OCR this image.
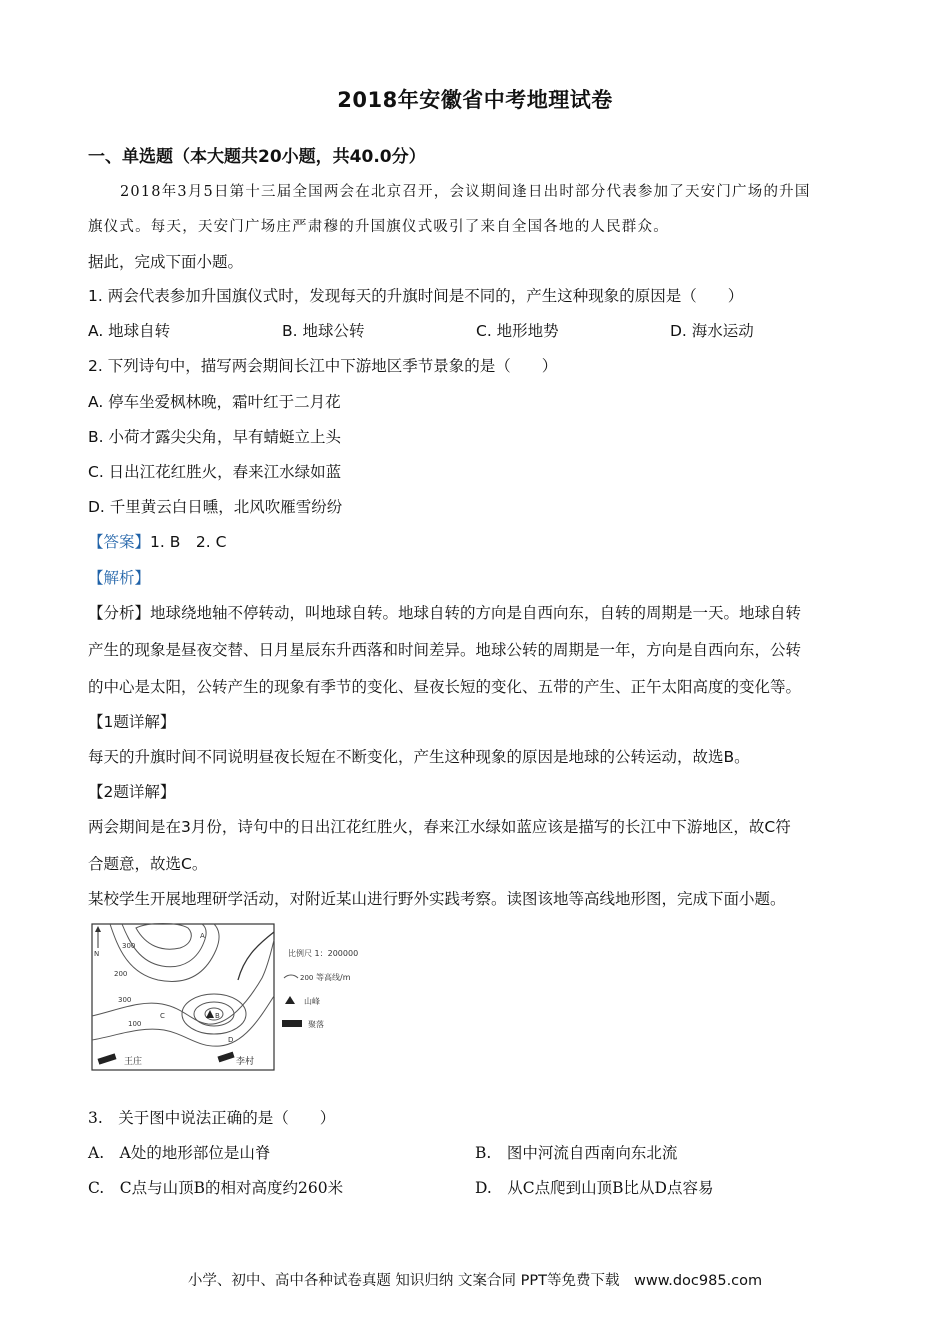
2018年安徽省中考地理试卷
一、单选题（本大题共20小题，共40.0分）
2018年3月5日第十三届全国两会在北京召开，会议期间逢日出时部分代表参加了天安门广场的升国
旗仪式。每天，天安门广场庄严肃穆的升国旗仪式吸引了来自全国各地的人民群众。
据此，完成下面小题。
1. 两会代表参加升国旗仪式时，发现每天的升旗时间是不同的，产生这种现象的原因是（　　）
A. 地球自转	B. 地球公转	C. 地形地势	D. 海水运动
2. 下列诗句中，描写两会期间长江中下游地区季节景象的是（　　）
A. 停车坐爱枫林晚，霜叶红于二月花
B. 小荷才露尖尖角，早有蜻蜓立上头
C. 日出江花红胜火，春来江水绿如蓝
D. 千里黄云白日曛，北风吹雁雪纷纷
【答案】1. B　2. C
【解析】
【分析】地球绕地轴不停转动，叫地球自转。地球自转的方向是自西向东，自转的周期是一天。地球自转
产生的现象是昼夜交替、日月星辰东升西落和时间差异。地球公转的周期是一年，方向是自西向东，公转
的中心是太阳，公转产生的现象有季节的变化、昼夜长短的变化、五带的产生、正午太阳高度的变化等。
【1题详解】
每天的升旗时间不同说明昼夜长短在不断变化，产生这种现象的原因是地球的公转运动，故选B。
【2题详解】
两会期间是在3月份，诗句中的日出江花红胜火，春来江水绿如蓝应该是描写的长江中下游地区，故C符
合题意，故选C。
某校学生开展地理研学活动，对附近某山进行野外实践考察。读图该地等高线地形图，完成下面小题。
N
300
200
300
100
A
B
C
D
王庄	李村
比例尺 1：200000
200 等高线/m
山峰
聚落
3.　关于图中说法正确的是（　　）
A.　A处的地形部位是山脊	B.　图中河流自西南向东北流
C.　C点与山顶B的相对高度约260米	D.　从C点爬到山顶B比从D点容易
小学、初中、高中各种试卷真题 知识归纳 文案合同 PPT等免费下载　www.doc985.com
